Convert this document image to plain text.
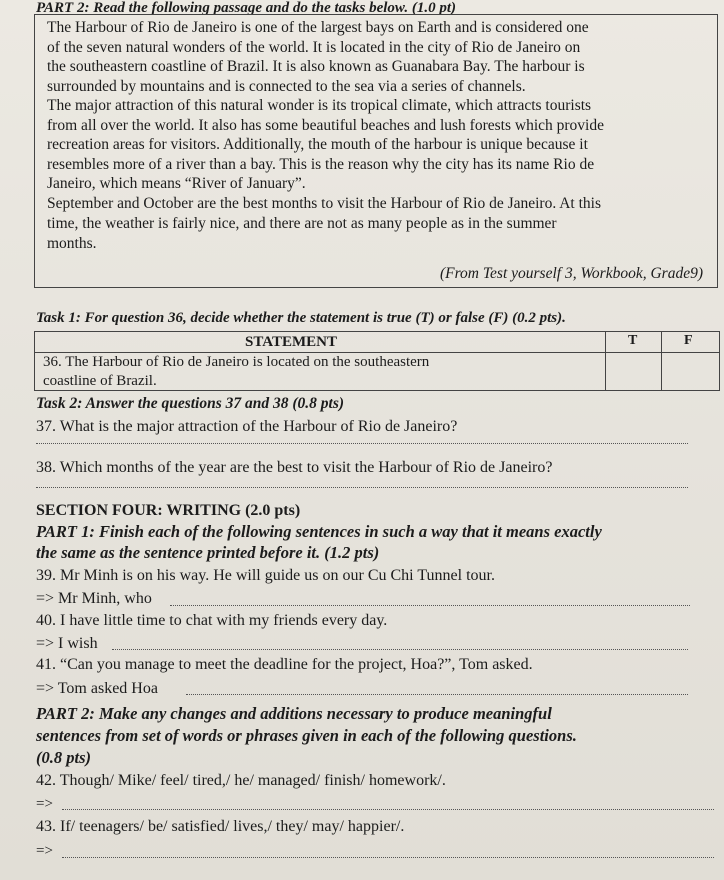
PART 2: Read the following passage and do the tasks below. (1.0 pt)
The Harbour of Rio de Janeiro is one of the largest bays on Earth and is considered one
of the seven natural wonders of the world. It is located in the city of Rio de Janeiro on
the southeastern coastline of Brazil. It is also known as Guanabara Bay. The harbour is
surrounded by mountains and is connected to the sea via a series of channels.
The major attraction of this natural wonder is its tropical climate, which attracts tourists
from all over the world. It also has some beautiful beaches and lush forests which provide
recreation areas for visitors. Additionally, the mouth of the harbour is unique because it
resembles more of a river than a bay. This is the reason why the city has its name Rio de
Janeiro, which means “River of January”.
September and October are the best months to visit the Harbour of Rio de Janeiro. At this
time, the weather is fairly nice, and there are not as many people as in the summer
months.
(From Test yourself 3, Workbook, Grade9)
Task 1: For question 36, decide whether the statement is true (T) or false (F) (0.2 pts).
STATEMENT	T	F
36. The Harbour of Rio de Janeiro is located on the southeastern
coastline of Brazil.
Task 2: Answer the questions 37 and 38 (0.8 pts)
37. What is the major attraction of the Harbour of Rio de Janeiro?
38. Which months of the year are the best to visit the Harbour of Rio de Janeiro?
SECTION FOUR: WRITING (2.0 pts)
PART 1: Finish each of the following sentences in such a way that it means exactly
the same as the sentence printed before it. (1.2 pts)
39. Mr Minh is on his way. He will guide us on our Cu Chi Tunnel tour.
=> Mr Minh, who
40. I have little time to chat with my friends every day.
=> I wish
41. “Can you manage to meet the deadline for the project, Hoa?”, Tom asked.
=> Tom asked Hoa
PART 2: Make any changes and additions necessary to produce meaningful
sentences from set of words or phrases given in each of the following questions.
(0.8 pts)
42. Though/ Mike/ feel/ tired,/ he/ managed/ finish/ homework/.
=>
43. If/ teenagers/ be/ satisfied/ lives,/ they/ may/ happier/.
=>
